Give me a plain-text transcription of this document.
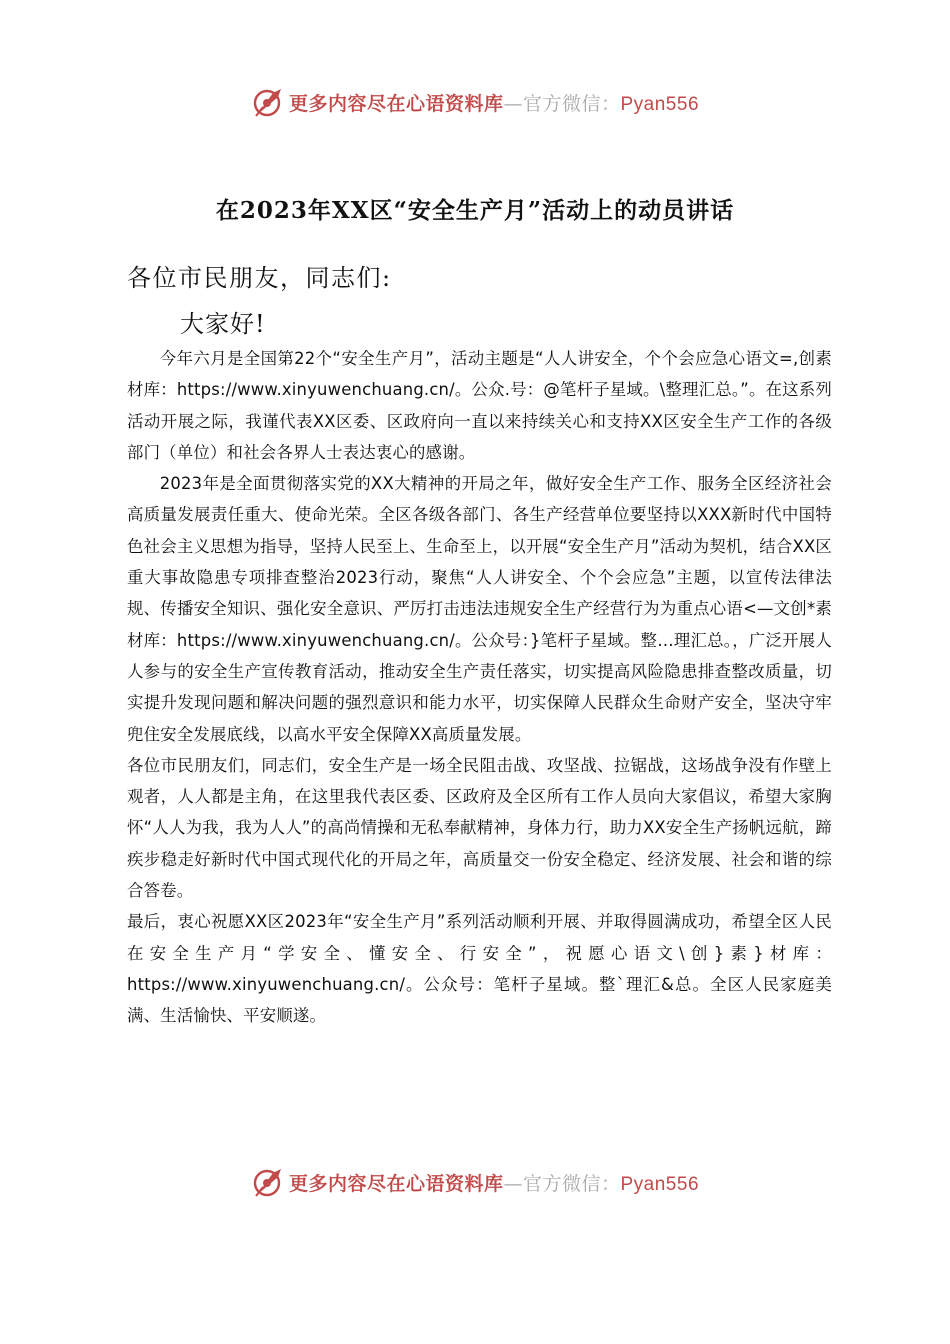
更多内容尽在心语资料库—官方微信：Pyan556
在2023年XX区“安全生产月”活动上的动员讲话
各位市民朋友，同志们:
大家好!

今年六月是全国第22个“安全生产月”，活动主题是“人人讲安全，个个会应急心语文=,创素材库：https://www.xinyuwenchuang.cn/。公众.号：@笔杆子星域。\整理汇总。”。在这系列活动开展之际，我谨代表XX区委、区政府向一直以来持续关心和支持XX区安全生产工作的各级部门（单位）和社会各界人士表达衷心的感谢。

2023年是全面贯彻落实党的XX大精神的开局之年，做好安全生产工作、服务全区经济社会高质量发展责任重大、使命光荣。全区各级各部门、各生产经营单位要坚持以XXX新时代中国特色社会主义思想为指导，坚持人民至上、生命至上，以开展“安全生产月”活动为契机，结合XX区重大事故隐患专项排查整治2023行动，聚焦“人人讲安全、个个会应急”主题，以宣传法律法规、传播安全知识、强化安全意识、严厉打击违法违规安全生产经营行为为重点心语<—文创*素材库：https://www.xinyuwenchuang.cn/。公众号：}笔杆子星域。整…理汇总。，广泛开展人人参与的安全生产宣传教育活动，推动安全生产责任落实，切实提高风险隐患排查整改质量，切实提升发现问题和解决问题的强烈意识和能力水平，切实保障人民群众生命财产安全，坚决守牢兜住安全发展底线，以高水平安全保障XX高质量发展。

各位市民朋友们，同志们，安全生产是一场全民阻击战、攻坚战、拉锯战，这场战争没有作壁上观者，人人都是主角，在这里我代表区委、区政府及全区所有工作人员向大家倡议，希望大家胸怀“人人为我，我为人人”的高尚情操和无私奉献精神，身体力行，助力XX安全生产扬帆远航，蹄疾步稳走好新时代中国式现代化的开局之年，高质量交一份安全稳定、经济发展、社会和谐的综合答卷。

最后，衷心祝愿XX区2023年“安全生产月”系列活动顺利开展、并取得圆满成功，希望全区人民在安全生产月“学安全、懂安全、行安全”，祝愿心语文\创}素}材库：https://www.xinyuwenchuang.cn/。公众号：笔杆子星域。整`理汇&总。全区人民家庭美满、生活愉快、平安顺遂。

更多内容尽在心语资料库—官方微信：Pyan556
